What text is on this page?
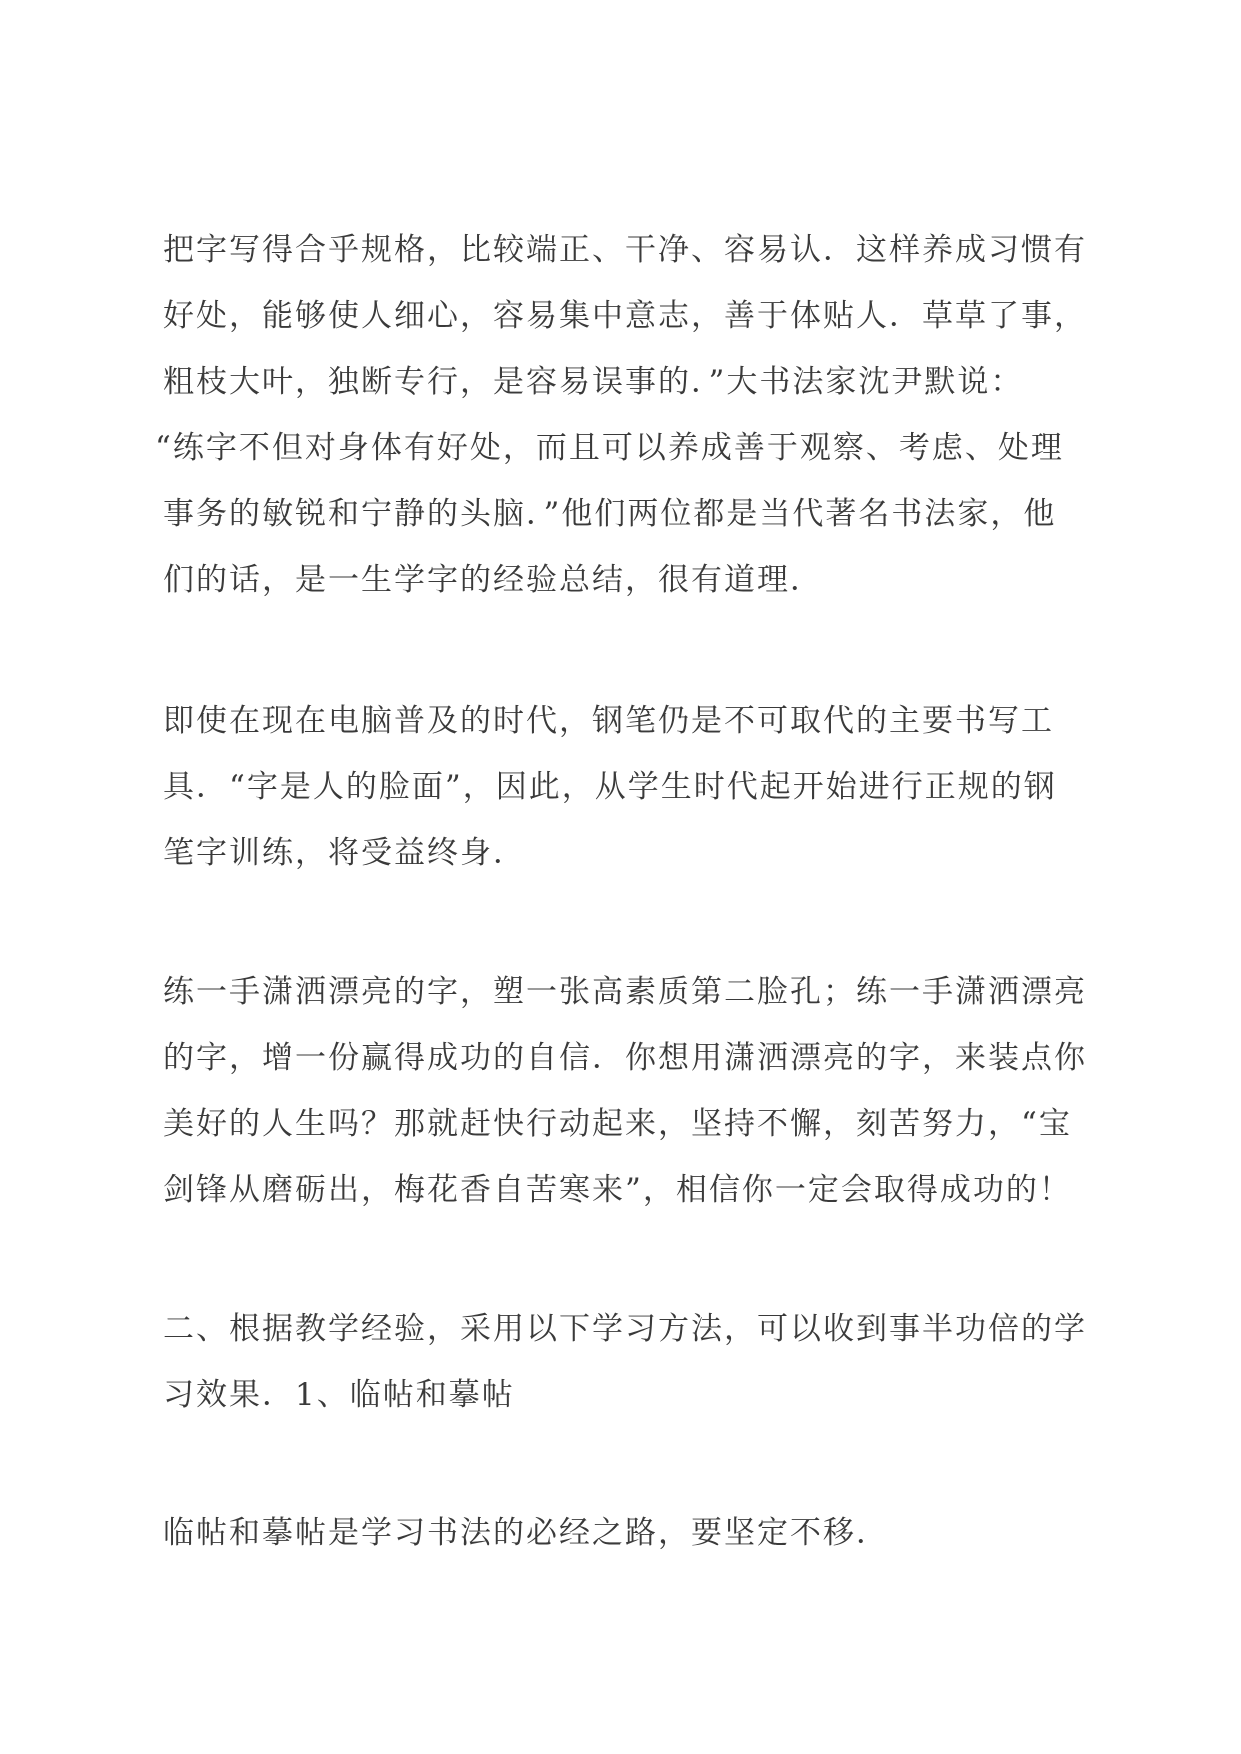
把字写得合乎规格，比较端正、干净、容易认．这样养成习惯有
好处，能够使人细心，容易集中意志，善于体贴人．草草了事，
粗枝大叶，独断专行，是容易误事的．”大书法家沈尹默说：
“练字不但对身体有好处，而且可以养成善于观察、考虑、处理
事务的敏锐和宁静的头脑．”他们两位都是当代著名书法家，他
们的话，是一生学字的经验总结，很有道理．

即使在现在电脑普及的时代，钢笔仍是不可取代的主要书写工
具．“字是人的脸面”，因此，从学生时代起开始进行正规的钢
笔字训练，将受益终身．

练一手潇洒漂亮的字，塑一张高素质第二脸孔；练一手潇洒漂亮
的字，增一份赢得成功的自信．你想用潇洒漂亮的字，来装点你
美好的人生吗？那就赶快行动起来，坚持不懈，刻苦努力，“宝
剑锋从磨砺出，梅花香自苦寒来”，相信你一定会取得成功的！

二、根据教学经验，采用以下学习方法，可以收到事半功倍的学
习效果．1、临帖和摹帖

临帖和摹帖是学习书法的必经之路，要坚定不移．
